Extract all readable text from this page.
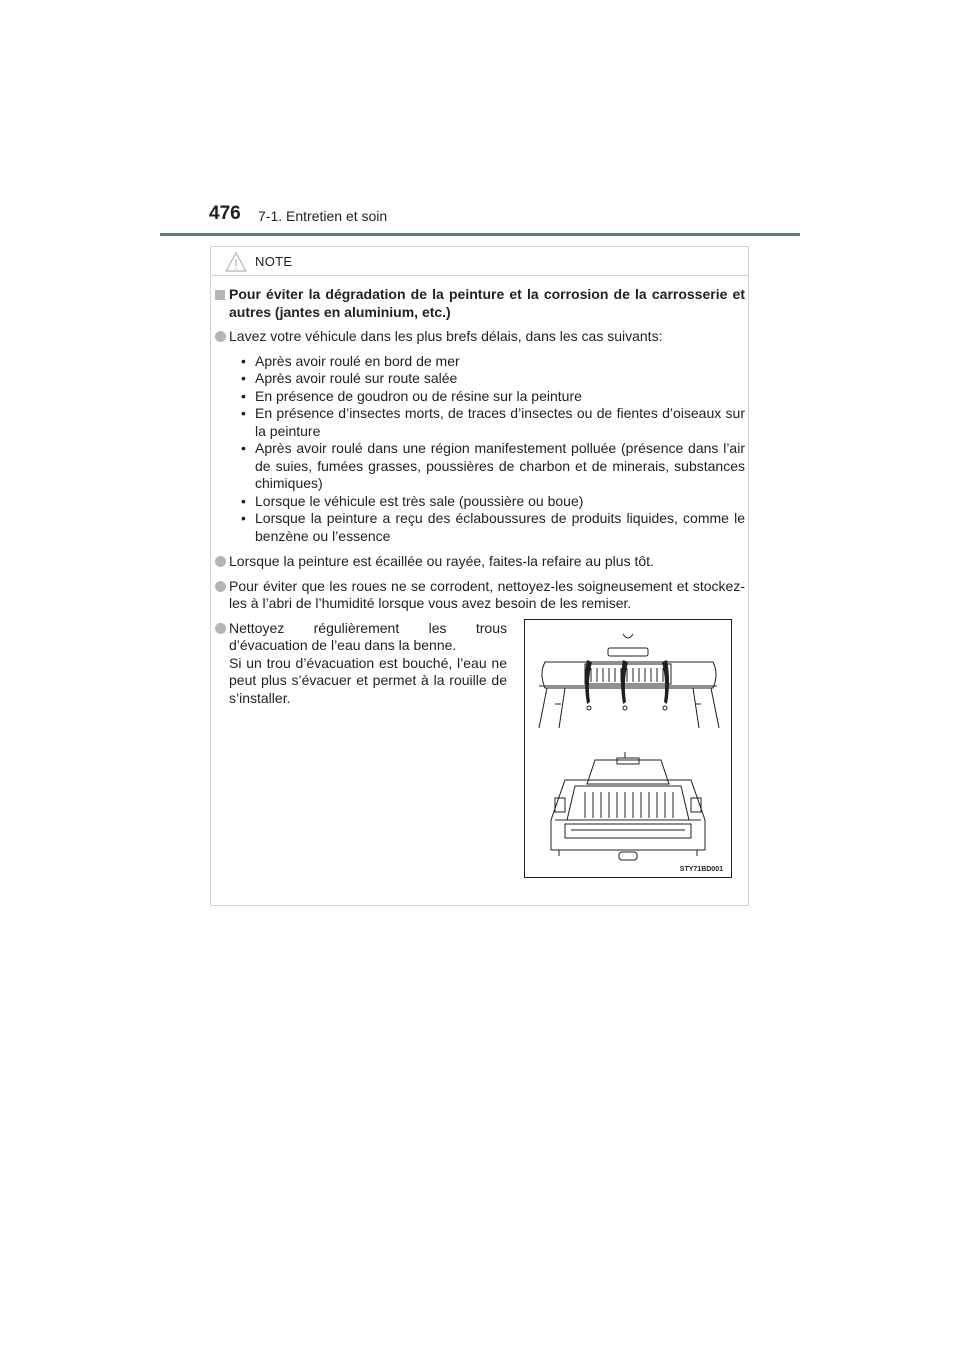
476 7-1. Entretien et soin
NOTE
Pour éviter la dégradation de la peinture et la corrosion de la carrosserie et autres (jantes en aluminium, etc.)
Lavez votre véhicule dans les plus brefs délais, dans les cas suivants:
• Après avoir roulé en bord de mer
• Après avoir roulé sur route salée
• En présence de goudron ou de résine sur la peinture
• En présence d’insectes morts, de traces d’insectes ou de fientes d’oiseaux sur la peinture
• Après avoir roulé dans une région manifestement polluée (présence dans l’air de suies, fumées grasses, poussières de charbon et de minerais, substances chimiques)
• Lorsque le véhicule est très sale (poussière ou boue)
• Lorsque la peinture a reçu des éclaboussures de produits liquides, comme le benzène ou l’essence
Lorsque la peinture est écaillée ou rayée, faites-la refaire au plus tôt.
Pour éviter que les roues ne se corrodent, nettoyez-les soigneusement et stockez-les à l’abri de l’humidité lorsque vous avez besoin de les remiser.
Nettoyez régulièrement les trous d’évacuation de l’eau dans la benne.
Si un trou d’évacuation est bouché, l’eau ne peut plus s’évacuer et permet à la rouille de s’installer.
STY71BD001
